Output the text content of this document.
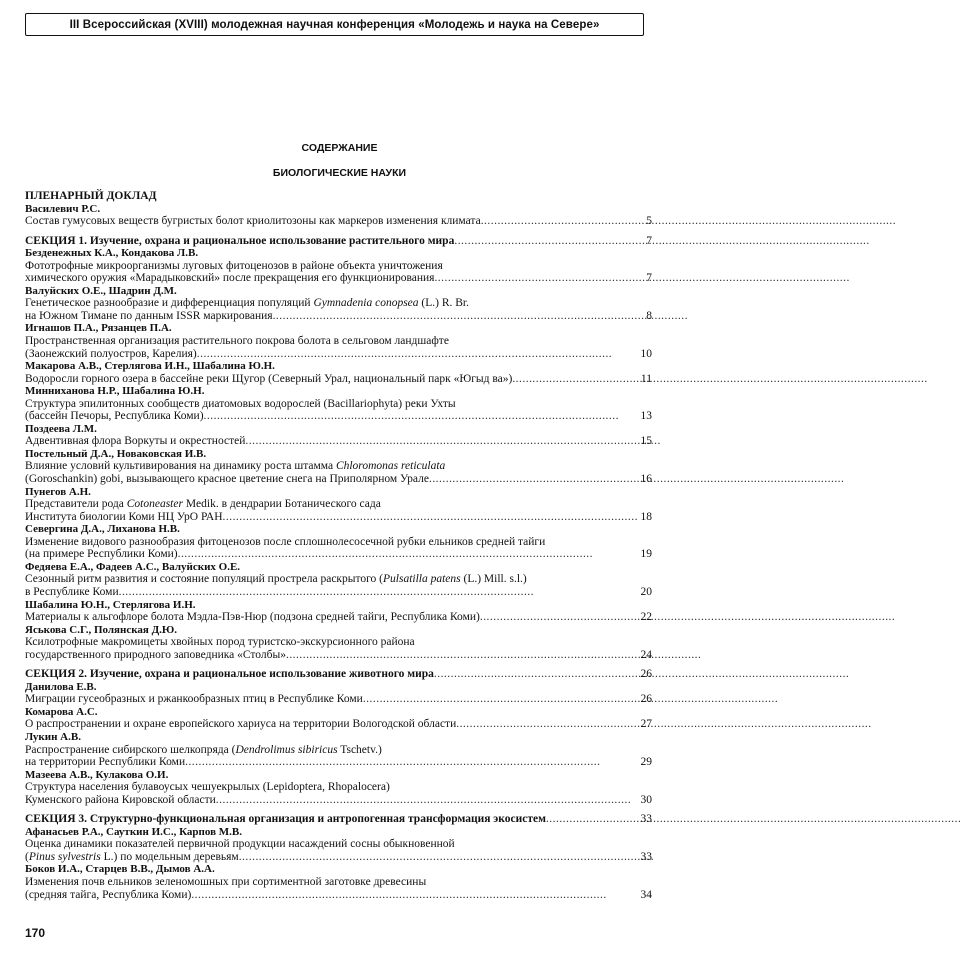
III Всероссийская (XVIII) молодежная научная конференция «Молодежь и наука на Севере»
СОДЕРЖАНИЕ
БИОЛОГИЧЕСКИЕ НАУКИ
ПЛЕНАРНЫЙ ДОКЛАД
Василевич Р.С.
Состав гумусовых веществ бугристых болот криолитозоны как маркеров изменения климата . . .	5
СЕКЦИЯ 1. Изучение, охрана и рациональное использование растительного мира . . .	7
Безденежных К.А., Кондакова Л.В.
Фототрофные микроорганизмы луговых фитоценозов в районе объекта уничтожения
химического оружия «Марадыковский» после прекращения его функционирования . . .	7
Валуйских О.Е., Шадрин Д.М.
Генетическое разнообразие и дифференциация популяций Gymnadenia conopsea (L.) R. Br.
на Южном Тимане по данным ISSR маркирования . . .	8
Игнашов П.А., Рязанцев П.А.
Пространственная организация растительного покрова болота в сельговом ландшафте
(Заонежский полуостров, Карелия) . . .	10
Макарова А.В., Стерлягова И.Н., Шабалина Ю.Н.
Водоросли горного озера в бассейне реки Щугор (Северный Урал, национальный парк «Югыд ва») . . .	11
Минниханова Н.Р., Шабалина Ю.Н.
Структура эпилитонных сообществ диатомовых водорослей (Bacillariophyta) реки Ухты
(бассейн Печоры, Республика Коми) . . .	13
Поздеева Л.М.
Адвентивная флора Воркуты и окрестностей . . .	15
Постельный Д.А., Новаковская И.В.
Влияние условий культивирования на динамику роста штамма Chloromonas reticulata
(Goroschankin) gobi, вызывающего красное цветение снега на Приполярном Урале . . .	16
Пунегов А.Н.
Представители рода Cotoneaster Medik. в дендрарии Ботанического сада
Института биологии Коми НЦ УрО РАН . . .	18
Севергина Д.А., Лиханова Н.В.
Изменение видового разнообразия фитоценозов после сплошнолесосечной рубки ельников средней тайги
(на примере Республики Коми) . . .	19
Федяева Е.А., Фадеев А.С., Валуйских О.Е.
Сезонный ритм развития и состояние популяций прострела раскрытого (Pulsatilla patens (L.) Mill. s.l.)
в Республике Коми . . .	20
Шабалина Ю.Н., Стерлягова И.Н.
Материалы к альгофлоре болота Мэдла-Пэв-Нюр (подзона средней тайги, Республика Коми) . . .	22
Яськова С.Г., Полянская Д.Ю.
Ксилотрофные макромицеты хвойных пород туристско-экскурсионного района
государственного природного заповедника «Столбы» . . .	24
СЕКЦИЯ 2. Изучение, охрана и рациональное использование животного мира . . .	26
Данилова Е.В.
Миграции гусеобразных и ржанкообразных птиц в Республике Коми . . .	26
Комарова А.С.
О распространении и охране европейского хариуса на территории Вологодской области . . .	27
Лукин А.В.
Распространение сибирского шелкопряда (Dendrolimus sibiricus Tschetv.)
на территории Республики Коми . . .	29
Мазеева А.В., Кулакова О.И.
Структура населения булавоусых чешуекрылых (Lepidoptera, Rhopalocera)
Куменского района Кировской области . . .	30
СЕКЦИЯ 3. Структурно-функциональная организация и антропогенная трансформация экосистем . . .	33
Афанасьев Р.А., Сауткин И.С., Карпов М.В.
Оценка динамики показателей первичной продукции насаждений сосны обыкновенной
(Pinus sylvestris L.) по модельным деревьям . . .	33
Боков И.А., Старцев В.В., Дымов А.А.
Изменения почв ельников зеленомошных при сортиментной заготовке древесины
(средняя тайга, Республика Коми) . . .	34
170
